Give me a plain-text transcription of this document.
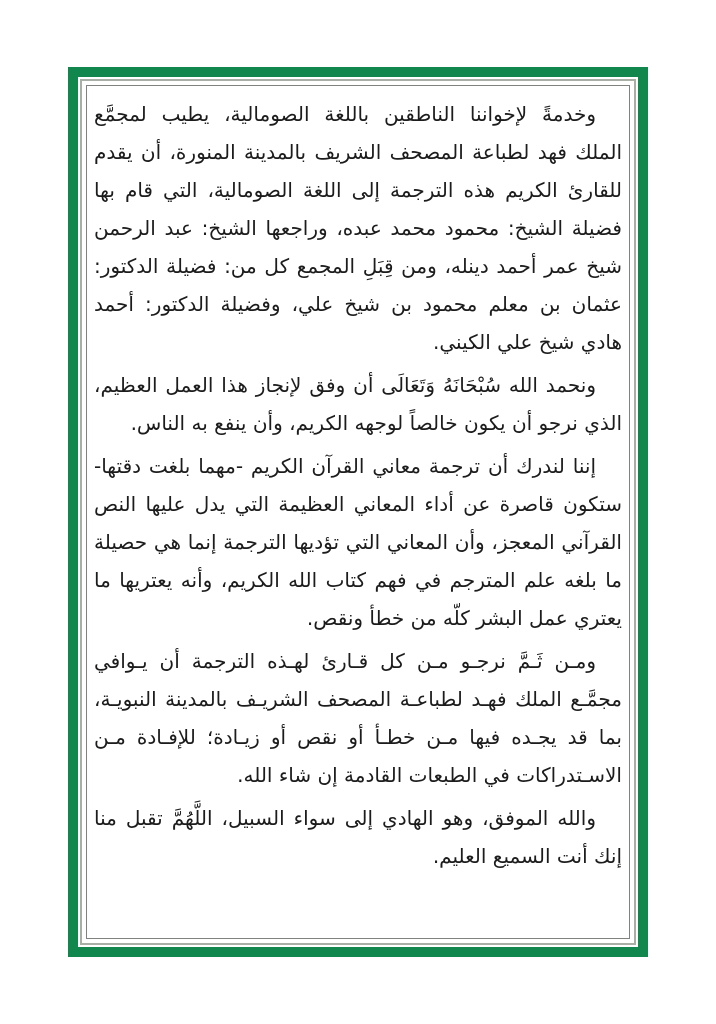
وخدمةً لإخواننا الناطقين باللغة الصومالية، يطيب لمجمَّع الملك فهد لطباعة المصحف الشريف بالمدينة المنورة، أن يقدم للقارئ الكريم هذه الترجمة إلى اللغة الصومالية، التي قام بها فضيلة الشيخ: محمود محمد عبده، وراجعها الشيخ: عبد الرحمن شيخ عمر أحمد دينله، ومن قِبَلِ المجمع كل من: فضيلة الدكتور: عثمان بن معلم محمود بن شيخ علي، وفضيلة الدكتور: أحمد هادي شيخ علي الكيني.

ونحمد الله سُبْحَانَهُ وَتَعَالَى أن وفق لإنجاز هذا العمل العظيم، الذي نرجو أن يكون خالصاً لوجهه الكريم، وأن ينفع به الناس.

إننا لندرك أن ترجمة معاني القرآن الكريم -مهما بلغت دقتها- ستكون قاصرة عن أداء المعاني العظيمة التي يدل عليها النص القرآني المعجز، وأن المعاني التي تؤديها الترجمة إنما هي حصيلة ما بلغه علم المترجم في فهم كتاب الله الكريم، وأنه يعتريها ما يعتري عمل البشر كلّه من خطأ ونقص.

ومـن ثَـمَّ نرجـو مـن كل قـارئ لهـذه الترجمة أن يـوافي مجمَّـع الملك فهـد لطباعـة المصحف الشريـف بالمدينة النبويـة، بما قد يجـده فيها مـن خطـأ أو نقص أو زيـادة؛ للإفـادة مـن الاسـتدراكات في الطبعات القادمة إن شاء الله.

والله الموفق، وهو الهادي إلى سواء السبيل، اللَّهُمَّ تقبل منا إنك أنت السميع العليم.
